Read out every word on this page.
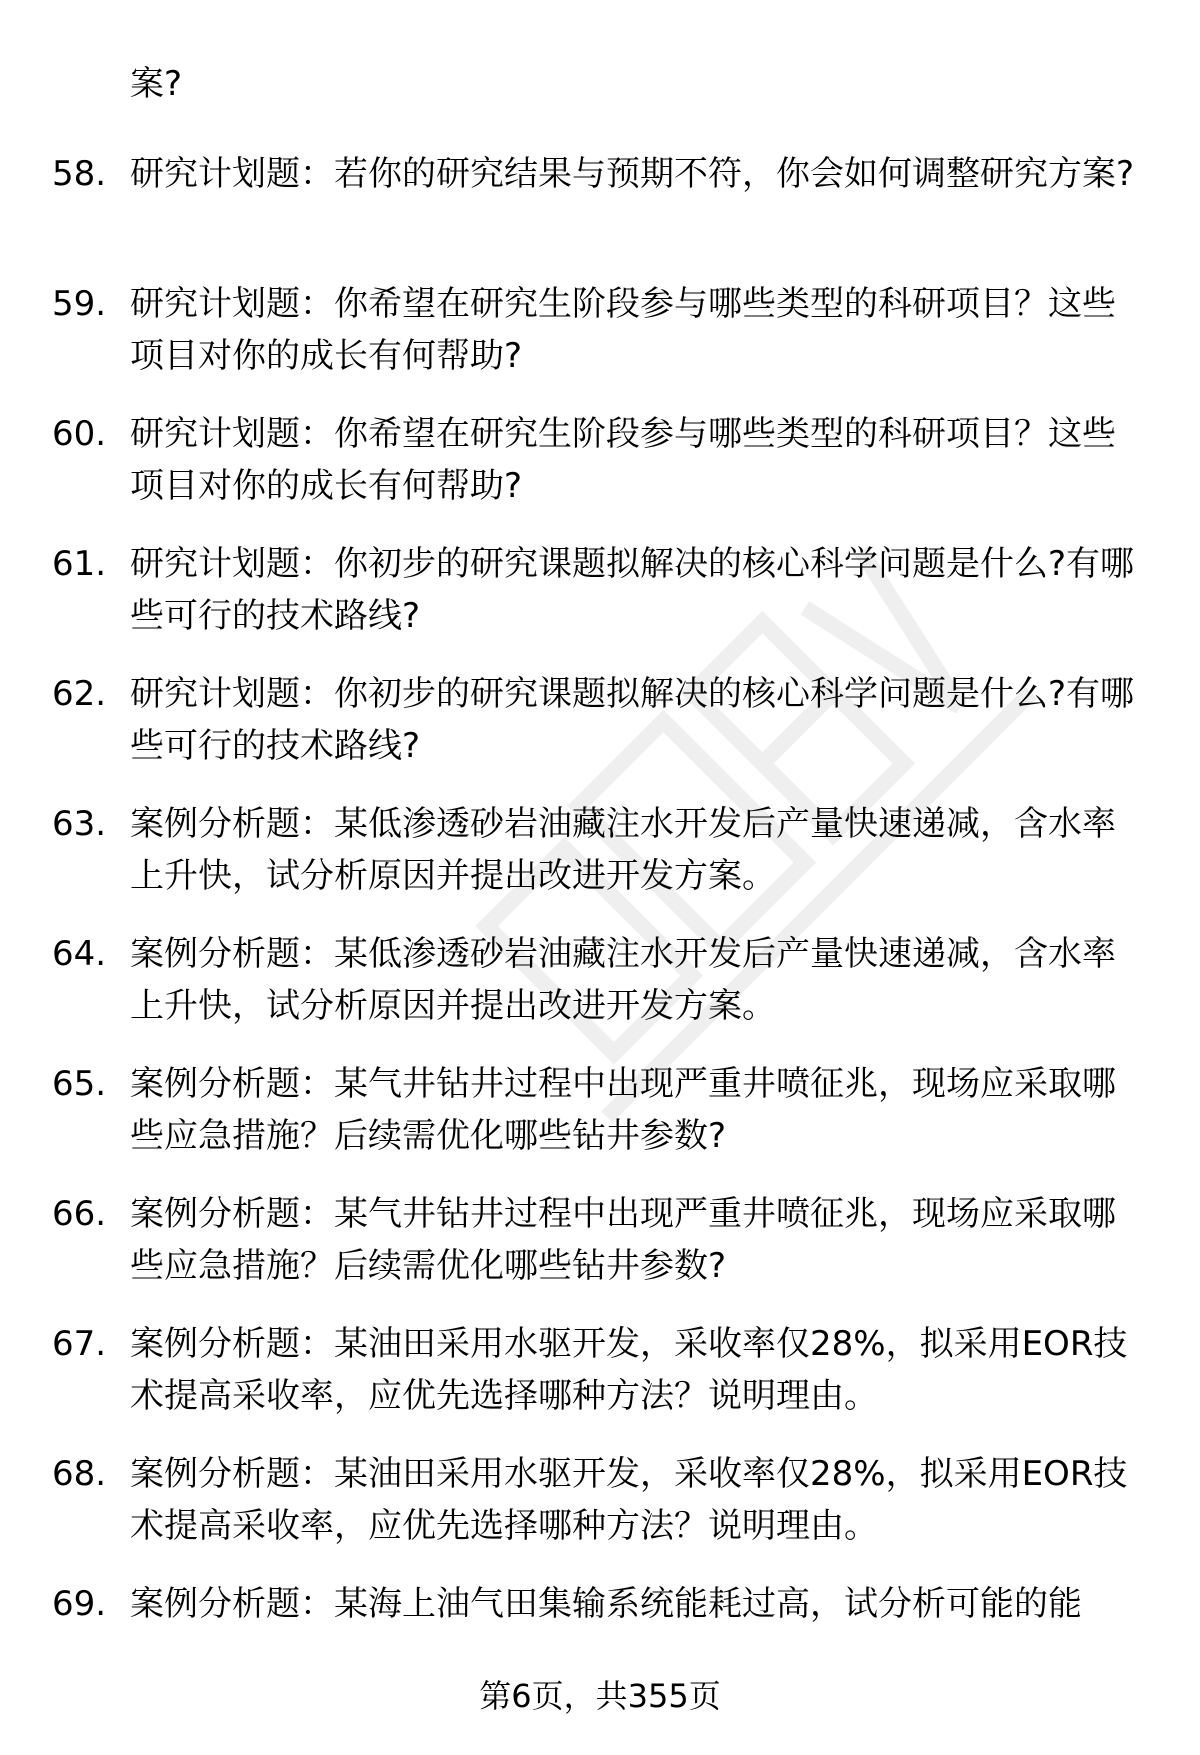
案?
58. 研究计划题：若你的研究结果与预期不符，你会如何调整研究方案?
59. 研究计划题：你希望在研究生阶段参与哪些类型的科研项目？这些项目对你的成长有何帮助?
60. 研究计划题：你希望在研究生阶段参与哪些类型的科研项目？这些项目对你的成长有何帮助?
61. 研究计划题：你初步的研究课题拟解决的核心科学问题是什么?有哪些可行的技术路线?
62. 研究计划题：你初步的研究课题拟解决的核心科学问题是什么?有哪些可行的技术路线?
63. 案例分析题：某低渗透砂岩油藏注水开发后产量快速递减，含水率上升快，试分析原因并提出改进开发方案。
64. 案例分析题：某低渗透砂岩油藏注水开发后产量快速递减，含水率上升快，试分析原因并提出改进开发方案。
65. 案例分析题：某气井钻井过程中出现严重井喷征兆，现场应采取哪些应急措施？后续需优化哪些钻井参数?
66. 案例分析题：某气井钻井过程中出现严重井喷征兆，现场应采取哪些应急措施？后续需优化哪些钻井参数?
67. 案例分析题：某油田采用水驱开发，采收率仅28%，拟采用EOR技术提高采收率，应优先选择哪种方法？说明理由。
68. 案例分析题：某油田采用水驱开发，采收率仅28%，拟采用EOR技术提高采收率，应优先选择哪种方法？说明理由。
69. 案例分析题：某海上油气田集输系统能耗过高，试分析可能的能
第6页，共355页
